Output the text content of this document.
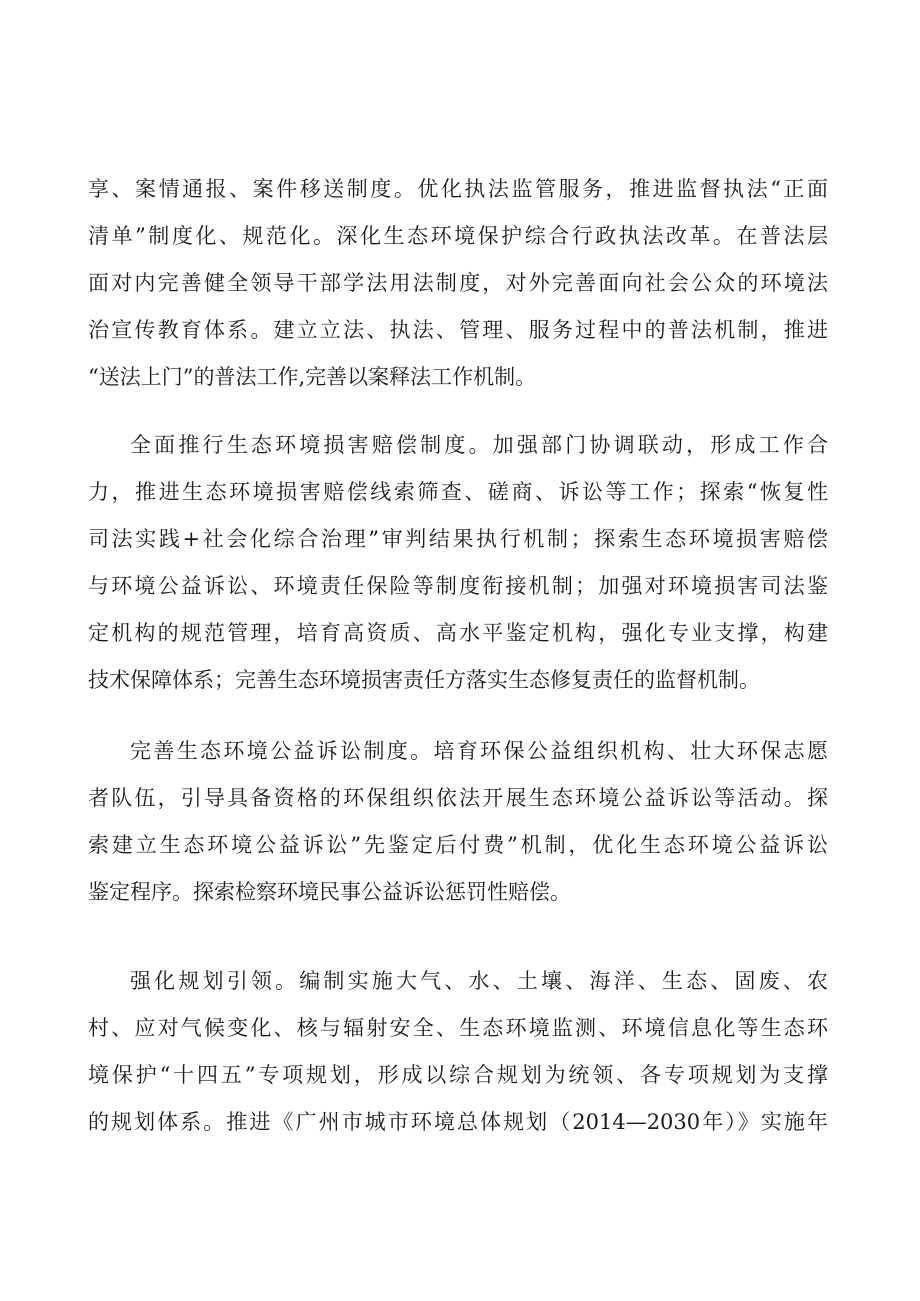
享、案情通报、案件移送制度。优化执法监管服务，推进监督执法“正面
清单”制度化、规范化。深化生态环境保护综合行政执法改革。在普法层
面对内完善健全领导干部学法用法制度，对外完善面向社会公众的环境法
治宣传教育体系。建立立法、执法、管理、服务过程中的普法机制，推进
“送法上门”的普法工作,完善以案释法工作机制。
全面推行生态环境损害赔偿制度。加强部门协调联动，形成工作合
力，推进生态环境损害赔偿线索筛查、磋商、诉讼等工作；探索“恢复性
司法实践+社会化综合治理”审判结果执行机制；探索生态环境损害赔偿
与环境公益诉讼、环境责任保险等制度衔接机制；加强对环境损害司法鉴
定机构的规范管理，培育高资质、高水平鉴定机构，强化专业支撑，构建
技术保障体系；完善生态环境损害责任方落实生态修复责任的监督机制。
完善生态环境公益诉讼制度。培育环保公益组织机构、壮大环保志愿
者队伍，引导具备资格的环保组织依法开展生态环境公益诉讼等活动。探
索建立生态环境公益诉讼”先鉴定后付费”机制，优化生态环境公益诉讼
鉴定程序。探索检察环境民事公益诉讼惩罚性赔偿。
强化规划引领。编制实施大气、水、土壤、海洋、生态、固废、农
村、应对气候变化、核与辐射安全、生态环境监测、环境信息化等生态环
境保护“十四五”专项规划，形成以综合规划为统领、各专项规划为支撑
的规划体系。推进《广州市城市环境总体规划（2014—2030年）》实施年
